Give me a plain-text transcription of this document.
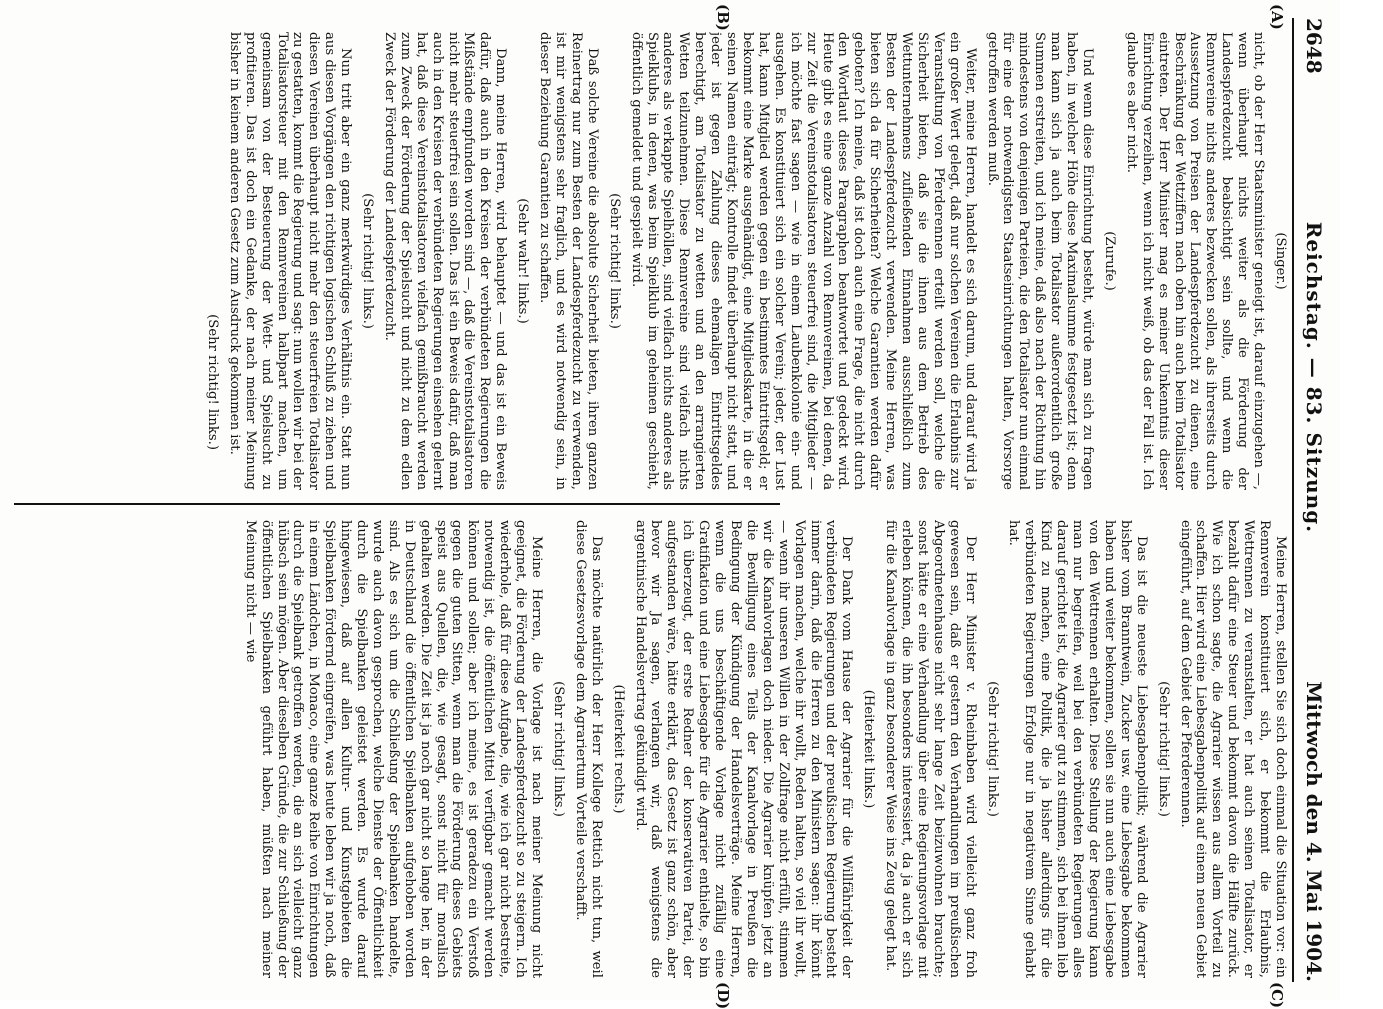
2648
Reichstag. — 83. Sitzung.
Mittwoch den 4. Mai 1904.
(A)
(B)
(C)
(D)

(Singer.)

nicht, ob der Herr Staatsminister geneigt ist, darauf einzugehen —, wenn überhaupt nichts weiter als die Förderung der Landespferdezucht beabsichtigt sein sollte, und wenn die Rennvereine nichts anderes bezwecken sollen, als ihrerseits durch Aussetzung von Preisen der Landespferdezucht zu dienen, eine Beschränkung der Wettziffern nach oben hin auch beim Totalisator eintreten. Der Herr Minister mag es meiner Unkenntnis dieser Einrichtung verzeihen, wenn ich nicht weiß, ob das der Fall ist. Ich glaube es aber nicht.

(Zurufe.)

Und wenn diese Einrichtung besteht, würde man sich zu fragen haben, in welcher Höhe diese Maximalsumme festgesetzt ist; denn man kann sich ja auch beim Totalisator außerordentlich große Summen erstreiten, und ich meine, daß also nach der Richtung hin mindestens von denjenigen Parteien, die den Totalisator nun einmal für eine der notwendigsten Staatseinrichtungen halten, Vorsorge getroffen werden muß.

Weiter, meine Herren, handelt es sich darum, und darauf wird ja ein großer Wert gelegt, daß nur solchen Vereinen die Erlaubnis zur Veranstaltung von Pferderennen erteilt werden soll, welche die Sicherheit bieten, daß sie die ihnen aus dem Betrieb des Wettunternehmens zufließenden Einnahmen ausschließlich zum Besten der Landespferdezucht verwenden. Meine Herren, was bieten sich da für Sicherheiten? Welche Garantien werden dafür geboten? Ich meine, daß ist doch auch eine Frage, die nicht durch den Wortlaut dieses Paragraphen beantwortet und gedeckt wird. Heute gibt es eine ganze Anzahl von Rennvereinen, bei denen, da zur Zeit die Vereinstotalisatoren steuerfrei sind, die Mitglieder — ich möchte fast sagen — wie in einem Laubenkolonie ein- und ausgehen. Es konstituiert sich ein solcher Verein; jeder, der Lust hat, kann Mitglied werden gegen ein bestimmtes Eintrittsgeld; er bekommt eine Marke ausgehändigt, eine Mitgliedskarte, in die er seinen Namen einträgt; Kontrolle findet überhaupt nicht statt, und jeder ist gegen Zahlung dieses ehemaligen Eintrittsgeldes berechtigt, am Totalisator zu wetten und an den arrangierten Wetten teilzunehmen. Diese Rennvereine sind vielfach nichts anderes als verkappte Spielhöllen, sind vielfach nichts anderes als Spielklubs, in denen, was beim Spielklub im geheimen geschieht, öffentlich gemeldet und gespielt wird.

(Sehr richtig! links.)

Daß solche Vereine die absolute Sicherheit bieten, ihren ganzen Reinertrag nur zum Besten der Landespferdezucht zu verwenden, ist mir wenigstens sehr fraglich, und es wird notwendig sein, in dieser Beziehung Garantien zu schaffen.

(Sehr wahr! links.)

Dann, meine Herren, wird behauptet — und das ist ein Beweis dafür, daß auch in den Kreisen der verbündeten Regierungen die Mißstände empfunden worden sind —, daß die Vereinstotalisatoren nicht mehr steuerfrei sein sollen. Das ist ein Beweis dafür, daß man auch in den Kreisen der verbündeten Regierungen einsehen gelernt hat, daß diese Vereinstotalisatoren vielfach gemißbraucht werden zum Zweck der Förderung der Spielsucht und nicht zu dem edlen Zweck der Förderung der Landespferdezucht.

(Sehr richtig! links.)

Nun tritt aber ein ganz merkwürdiges Verhältnis ein. Statt nun aus diesen Vorgängen den richtigen logischen Schluß zu ziehen und diesen Vereinen überhaupt nicht mehr den steuerfreien Totalisator zu gestatten, kommt die Regierung und sagt: nun wollen wir bei der Totalisatorsteuer mit den Rennvereinen halbpart machen, um gemeinsam von der Besteuerung der Wett- und Spielsucht zu profitieren. Das ist doch ein Gedanke, der nach meiner Meinung bisher in keinem anderen Gesetz zum Ausdruck gekommen ist.

(Sehr richtig! links.)

Meine Herren, stellen Sie sich doch einmal die Situation vor: ein Rennverein konstituiert sich, er bekommt die Erlaubnis, Wettrennen zu veranstalten, er hat auch seinen Totalisator, er bezahlt dafür eine Steuer und bekommt davon die Hälfte zurück. Wie ich schon sagte, die Agrarier wissen aus allem Vorteil zu schaffen. Hier wird eine Liebesgabenpolitik auf einem neuen Gebiet eingeführt, auf dem Gebiet der Pferderennen.

(Sehr richtig! links.)

Das ist die neueste Liebesgabenpolitik; während die Agrarier bisher vom Branntwein, Zucker usw. eine Liebesgabe bekommen haben und weiter bekommen, sollen sie nun auch eine Liebesgabe von den Wettrennen erhalten. Diese Stellung der Regierung kann man nur begreifen, weil bei den verbündeten Regierungen alles darauf gerichtet ist, die Agrarier gut zu stimmen, sich bei ihnen lieb Kind zu machen, eine Politik, die ja bisher allerdings für die verbündeten Regierungen Erfolge nur in negativem Sinne gehabt hat.

(Sehr richtig! links.)

Der Herr Minister v. Rheinbaben wird vielleicht ganz froh gewesen sein, daß er gestern den Verhandlungen im preußischen Abgeordnetenhause nicht sehr lange Zeit beizuwohnen brauchte; sonst hätte er eine Verhandlung über eine Regierungsvorlage mit erleben können, die ihn besonders interessiert, da ja auch er sich für die Kanalvorlage in ganz besonderer Weise ins Zeug gelegt hat.

(Heiterkeit links.)

Der Dank vom Hause der Agrarier für die Willfährigkeit der verbündeten Regierungen und der preußischen Regierung besteht immer darin, daß die Herren zu den Ministern sagen: ihr könnt Vorlagen machen, welche ihr wollt, Reden halten, so viel ihr wollt, — wenn ihr unseren Willen in der Zollfrage nicht erfüllt, stimmen wir die Kanalvorlagen doch nieder. Die Agrarier knüpfen jetzt an die Bewilligung eines Teils der Kanalvorlage in Preußen die Bedingung der Kündigung der Handelsverträge. Meine Herren, wenn die uns beschäftigende Vorlage nicht zufällig eine Gratifikation und eine Liebesgabe für die Agrarier enthielte, so bin ich überzeugt, der erste Redner der konservativen Partei, der aufgestanden wäre, hätte erklärt, das Gesetz ist ganz schön, aber bevor wir Ja sagen, verlangen wir, daß wenigstens die argentinische Handelsvertrag gekündigt wird.

(Heiterkeit rechts.)

Das möchte natürlich der Herr Kollege Rettich nicht tun, weil diese Gesetzesvorlage dem Agrariertum Vorteile verschafft.

(Sehr richtig! links.)

Meine Herren, die Vorlage ist nach meiner Meinung nicht geeignet, die Förderung der Landespferdezucht so zu steigern. Ich wiederhole, daß für diese Aufgabe, die, wie ich gar nicht bestreite, notwendig ist, die öffentlichen Mittel verfügbar gemacht werden können und sollen; aber ich meine, es ist geradezu ein Verstoß gegen die guten Sitten, wenn man die Förderung dieses Gebiets speist aus Quellen, die, wie gesagt, sonst nicht für moralisch gehalten werden. Die Zeit ist ja noch gar nicht so lange her, in der in Deutschland die öffentlichen Spielbanken aufgehoben worden sind. Als es sich um die Schließung der Spielbanken handelte, wurde auch davon gesprochen, welche Dienste der Öffentlichkeit durch die Spielbanken geleistet werden. Es wurde darauf hingewiesen, daß auf allen Kultur- und Kunstgebieten die Spielbanken fördernd eingreifen, was heute leben wir ja noch, daß in einem Ländchen, in Monaco, eine ganze Reihe von Einrichtungen durch die Spielbank getroffen werden, die an sich vielleicht ganz hübsch sein mögen. Aber dieselben Gründe, die zur Schließung der öffentlichen Spielbanken geführt haben, müßten nach meiner Meinung nicht — wie
